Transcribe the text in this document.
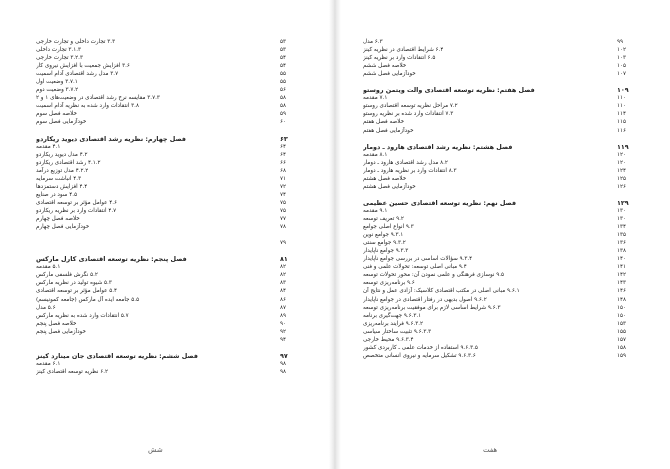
۳.۳ تجارت داخلی و تجارت خارجی	۵۳
۳.۱.۳ تجارت داخلی	۵۳
۳.۲.۳ تجارت خارجی	۵۴
۳.۶ افزایش جمعیت با افزایش نیروی کار	۵۴
۳.۷ مدل رشد اقتصادی آدام اسمیت	۵۵
۳.۷.۱ وضعیت اول	۵۵
۳.۷.۲ وضعیت دوم	۵۶
۳.۷.۳ مقایسه نرخ رشد اقتصادی در وضعیت‌های ۱ و ۲	۵۸
۳.۸ انتقادات وارد شده به نظریه آدام اسمیت	۵۸
خلاصه فصل سوم	۵۹
خودآزمایی فصل سوم	۶۰
فصل چهارم: نظریه رشد اقتصادی دیوید ریکاردو	۶۳
۴.۱ مقدمه	۶۴
۴.۲ مدل دیوید ریکاردو	۶۴
۴.۱.۲ رشد اقتصادی ریکاردو	۶۶
۴.۲.۲ مدل توزیع درآمد	۶۸
۴.۳ انباشت سرمایه	۷۱
۴.۴ افزایش دستمزدها	۷۲
۴.۵ سود در صنایع	۷۴
۴.۶ عوامل مؤثر بر توسعه اقتصادی	۷۵
۴.۷ انتقادات وارد بر نظریه ریکاردو	۷۵
خلاصه فصل چهارم	۷۷
خودآزمایی فصل چهارم	۷۸
۷۹
فصل پنجم: نظریه توسعه اقتصادی کارل مارکس	۸۱
۵.۱ مقدمه	۸۲
۵.۲ نگرش فلسفی مارکس	۸۲
۵.۳ شیوه تولید در نظریه مارکس	۸۳
۵.۴ عوامل مؤثر بر توسعه اقتصادی	۸۴
۵.۵ جامعه ایده آل مارکس (جامعه کمونیسم)	۸۶
۵.۶ مدل	۸۷
۵.۷ انتقادات وارد شده به نظریه مارکس	۸۹
خلاصه فصل پنجم	۹۰
خودآزمایی فصل پنجم	۹۲
۹۴
فصل ششم: نظریه توسعه اقتصادی جان مینارد کینز	۹۷
۶.۱ مقدمه	۹۸
۶.۲ نظریه توسعه اقتصادی کینز	۹۸
شش
۶.۳ مدل	۹۹
۶.۴ شرایط اقتصادی در نظریه کینز	۱۰۲
۶.۵ انتقادات وارد بر نظریه کینز	۱۰۳
خلاصه فصل ششم	۱۰۵
خودآزمایی فصل ششم	۱۰۷
فصل هفتم: نظریه توسعه اقتصادی والت ویتمن روستو	۱۰۹
۷.۱ مقدمه	۱۱۰
۷.۲ مراحل نظریه توسعه اقتصادی روستو	۱۱۰
۷.۳ انتقادات وارد شده بر نظریه روستو	۱۱۴
خلاصه فصل هفتم	۱۱۵
خودآزمایی فصل هفتم	۱۱۶
فصل هشتم: نظریه رشد اقتصادی هارود ـ دومار	۱۱۹
۸.۱ مقدمه	۱۲۰
۸.۲ مدل رشد اقتصادی هارود ـ دومار	۱۲۰
۸.۳ انتقادات وارد بر نظریه هارود ـ دومار	۱۲۴
خلاصه فصل هشتم	۱۲۵
خودآزمایی فصل هشتم	۱۲۶
فصل نهم: نظریه توسعه اقتصادی حسین عظیمی	۱۲۹
۹.۱ مقدمه	۱۳۰
۹.۲ تعریف توسعه	۱۳۰
۹.۳ انواع اصلی جوامع	۱۳۴
۹.۳.۱ جوامع نوین	۱۳۵
۹.۳.۲ جوامع سنتی	۱۳۶
۹.۳.۳ جوامع ناپایدار	۱۳۸
۹.۳.۴ سؤالات اساسی در بررسی جوامع ناپایدار	۱۴۰
۹.۴ مبانی اصلی توسعه: تحولات علمی و فنی	۱۴۱
۹.۵ نوسازی فرهنگی و علمی نمودن آن: محور تحولات توسعه	۱۴۲
۹.۶ برنامه‌ریزی توسعه	۱۴۳
۹.۶.۱ مبانی اصلی در مکتب اقتصادی کلاسیک: آزادی عمل و نتایج آن	۱۴۶
۹.۶.۲ اصول بدیهی در رفتار اقتصادی در جوامع ناپایدار	۱۴۸
۹.۶.۳ شرایط اساسی لازم برای موفقیت برنامه‌ریزی توسعه	۱۵۰
۹.۶.۳.۱ جهت‌گیری برنامه	۱۵۰
۹.۶.۳.۲ فرایند برنامه‌ریزی	۱۵۳
۹.۶.۳.۳ تثبیت ساختار سیاسی	۱۵۵
۹.۶.۳.۴ محیط خارجی	۱۵۷
۹.۶.۳.۵ استفاده از خدمات علمی ـ کاربردی کشور	۱۵۸
۹.۶.۳.۶ تشکیل سرمایه و نیروی انسانی متخصص	۱۵۹
هفت
